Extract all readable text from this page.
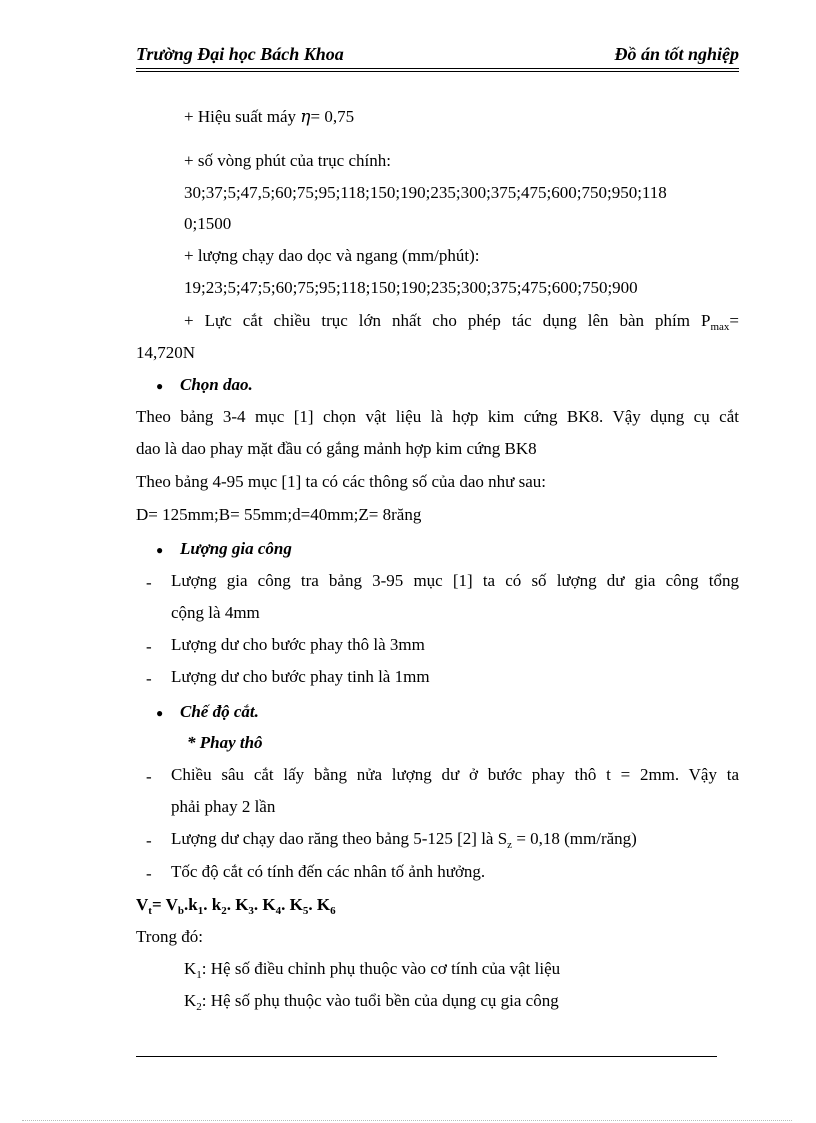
Trường Đại học Bách Khoa	Đồ án tốt nghiệp
+ Hiệu suất máy η= 0,75
+ số vòng phút của trục chính:
30;37;5;47,5;60;75;95;118;150;190;235;300;375;475;600;750;950;118
0;1500
+ lượng chạy dao dọc và ngang (mm/phút):
19;23;5;47;5;60;75;95;118;150;190;235;300;375;475;600;750;900
+ Lực cắt chiều trục lớn nhất cho phép tác dụng lên bàn phím $P_{max}=$
14,720N
● Chọn dao.
Theo bảng 3-4 mục [1] chọn vật liệu là hợp kim cứng BK8. Vậy dụng cụ cắt
dao là dao phay mặt đầu có gắng mảnh hợp kim cứng BK8
Theo bảng 4-95 mục [1] ta có các thông số của dao như sau:
D= 125mm;B= 55mm;d=40mm;Z= 8răng
● Lượng gia công
- Lượng gia công tra bảng 3-95 mục [1] ta có số lượng dư gia công tổng
cộng là 4mm
- Lượng dư cho bước phay thô là 3mm
- Lượng dư cho bước phay tinh là 1mm
● Chế độ cắt.
* Phay thô
- Chiều sâu cắt lấy bằng nửa lượng dư ở bước phay thô t = 2mm. Vậy ta
phải phay 2 lần
- Lượng dư chạy dao răng theo bảng 5-125 [2] là $S_z = 0,18$ (mm/răng)
- Tốc độ cắt có tính đến các nhân tố ảnh hưởng.
$V_t= V_b.k_1$. $k_2$. $K_3$. $K_4$. $K_5$. $K_6$
Trong đó:
$K_1$: Hệ số điều chỉnh phụ thuộc vào cơ tính của vật liệu
$K_2$: Hệ số phụ thuộc vào tuổi bền của dụng cụ gia công
